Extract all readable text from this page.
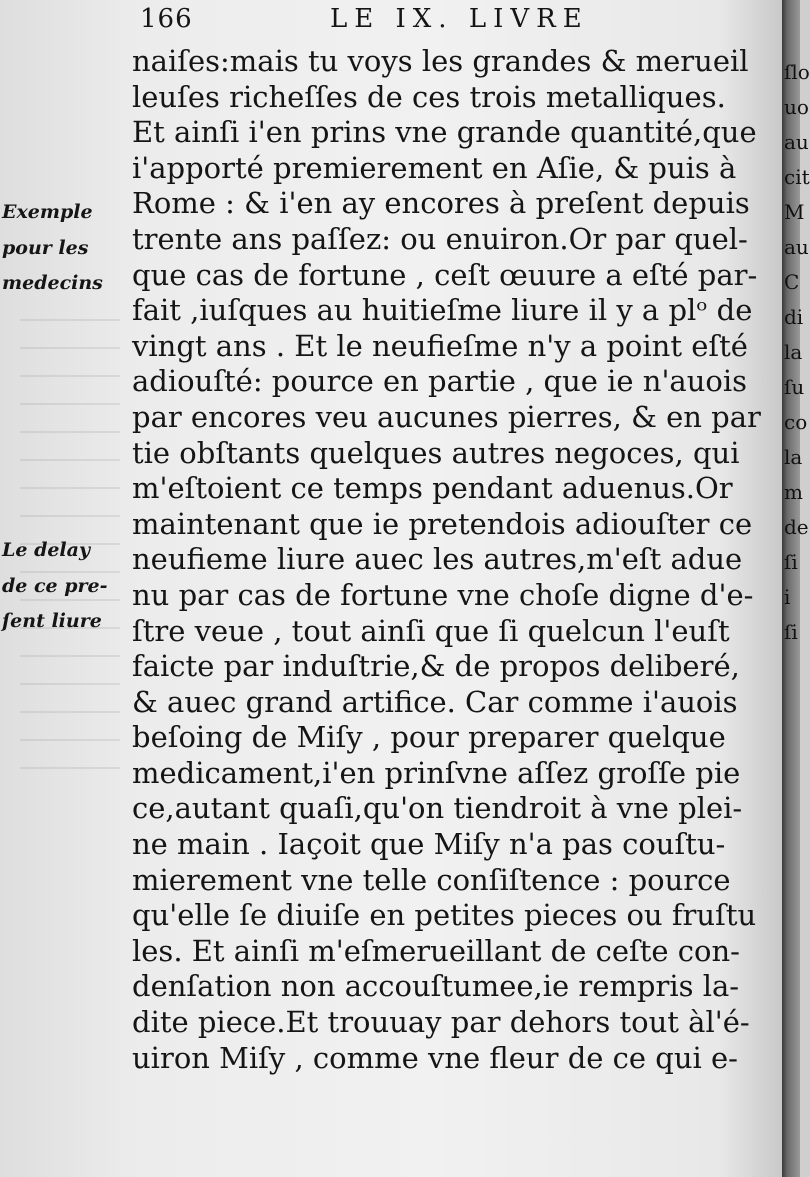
166	LE IX. LIVRE
Exemple
pour les
medecins
Le delay
de ce pre-
ſent liure
naiſes:mais tu voys les grandes & merueil
leuſes richeſſes de ces trois metalliques.
Et ainſi i'en prins vne grande quantité,que
i'apporté premierement en Aſie, & puis à
Rome : & i'en ay encores à preſent depuis
trente ans paſſez: ou enuiron.Or par quel-
que cas de fortune , ceſt œuure a eſté par-
fait ,iuſques au huitieſme liure il y a plᵒ de
vingt ans . Et le neufieſme n'y a point eſté
adiouſté: pource en partie , que ie n'auois
par encores veu aucunes pierres, & en par
tie obſtants quelques autres negoces, qui
m'eſtoient ce temps pendant aduenus.Or
maintenant que ie pretendois adiouſter ce
neufieme liure auec les autres,m'eſt adue
nu par cas de fortune vne choſe digne d'e-
ſtre veue , tout ainſi que ſi quelcun l'euſt
faicte par induſtrie,& de propos deliberé,
& auec grand artifice. Car comme i'auois
beſoing de Miſy , pour preparer quelque
medicament,i'en prinſvne aſſez groſſe pie
ce,autant quaſi,qu'on tiendroit à vne plei-
ne main . Iaçoit que Miſy n'a pas couſtu-
mierement vne telle conſiſtence : pource
qu'elle ſe diuiſe en petites pieces ou fruſtu
les. Et ainſi m'eſmerueillant de ceſte con-
denſation non accouſtumee,ie rempris la-
dite piece.Et trouuay par dehors tout àl'é-
uiron Miſy , comme vne fleur de ce qui e-
ſlo
uo
au
cit
M
au
C
di
la
ſu
co
la
m
de
ſi
i
ſi
